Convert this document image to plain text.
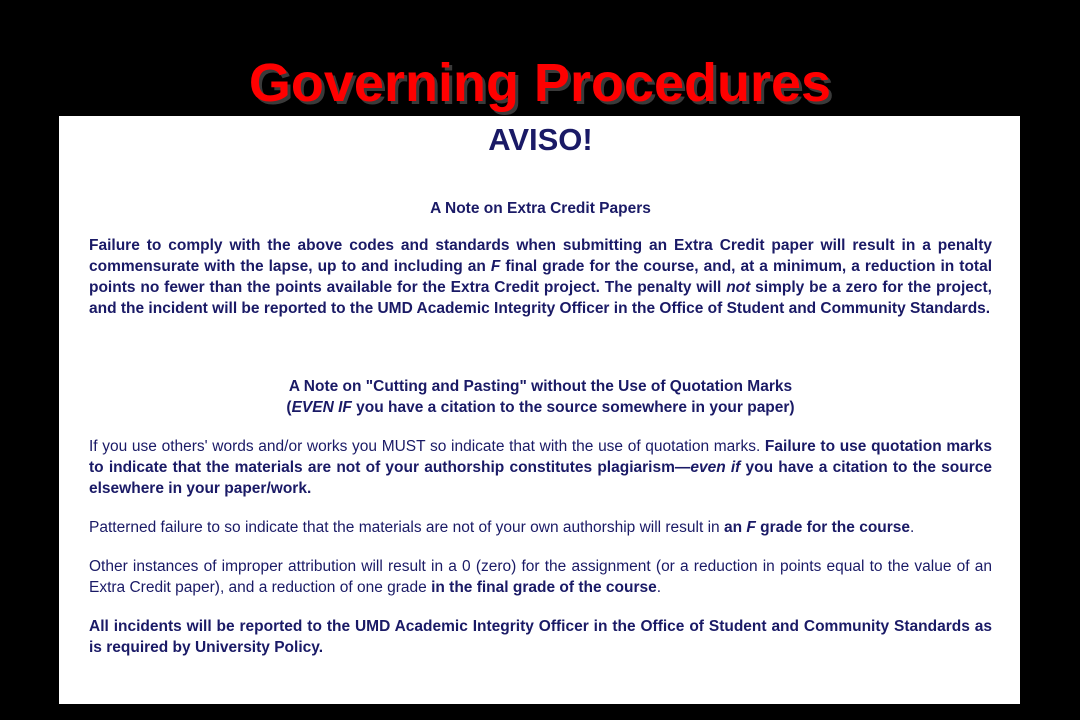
Governing Procedures
AVISO!
A Note on Extra Credit Papers

Failure to comply with the above codes and standards when submitting an Extra Credit paper will result in a penalty commensurate with the lapse, up to and including an F final grade for the course, and, at a minimum, a reduction in total points no fewer than the points available for the Extra Credit project. The penalty will not simply be a zero for the project, and the incident will be reported to the UMD Academic Integrity Officer in the Office of Student and Community Standards.

A Note on "Cutting and Pasting" without the Use of Quotation Marks
(EVEN IF you have a citation to the source somewhere in your paper)

If you use others' words and/or works you MUST so indicate that with the use of quotation marks. Failure to use quotation marks to indicate that the materials are not of your authorship constitutes plagiarism—even if you have a citation to the source elsewhere in your paper/work.

Patterned failure to so indicate that the materials are not of your own authorship will result in an F grade for the course.

Other instances of improper attribution will result in a 0 (zero) for the assignment (or a reduction in points equal to the value of an Extra Credit paper), and a reduction of one grade in the final grade of the course.

All incidents will be reported to the UMD Academic Integrity Officer in the Office of Student and Community Standards as is required by University Policy.
